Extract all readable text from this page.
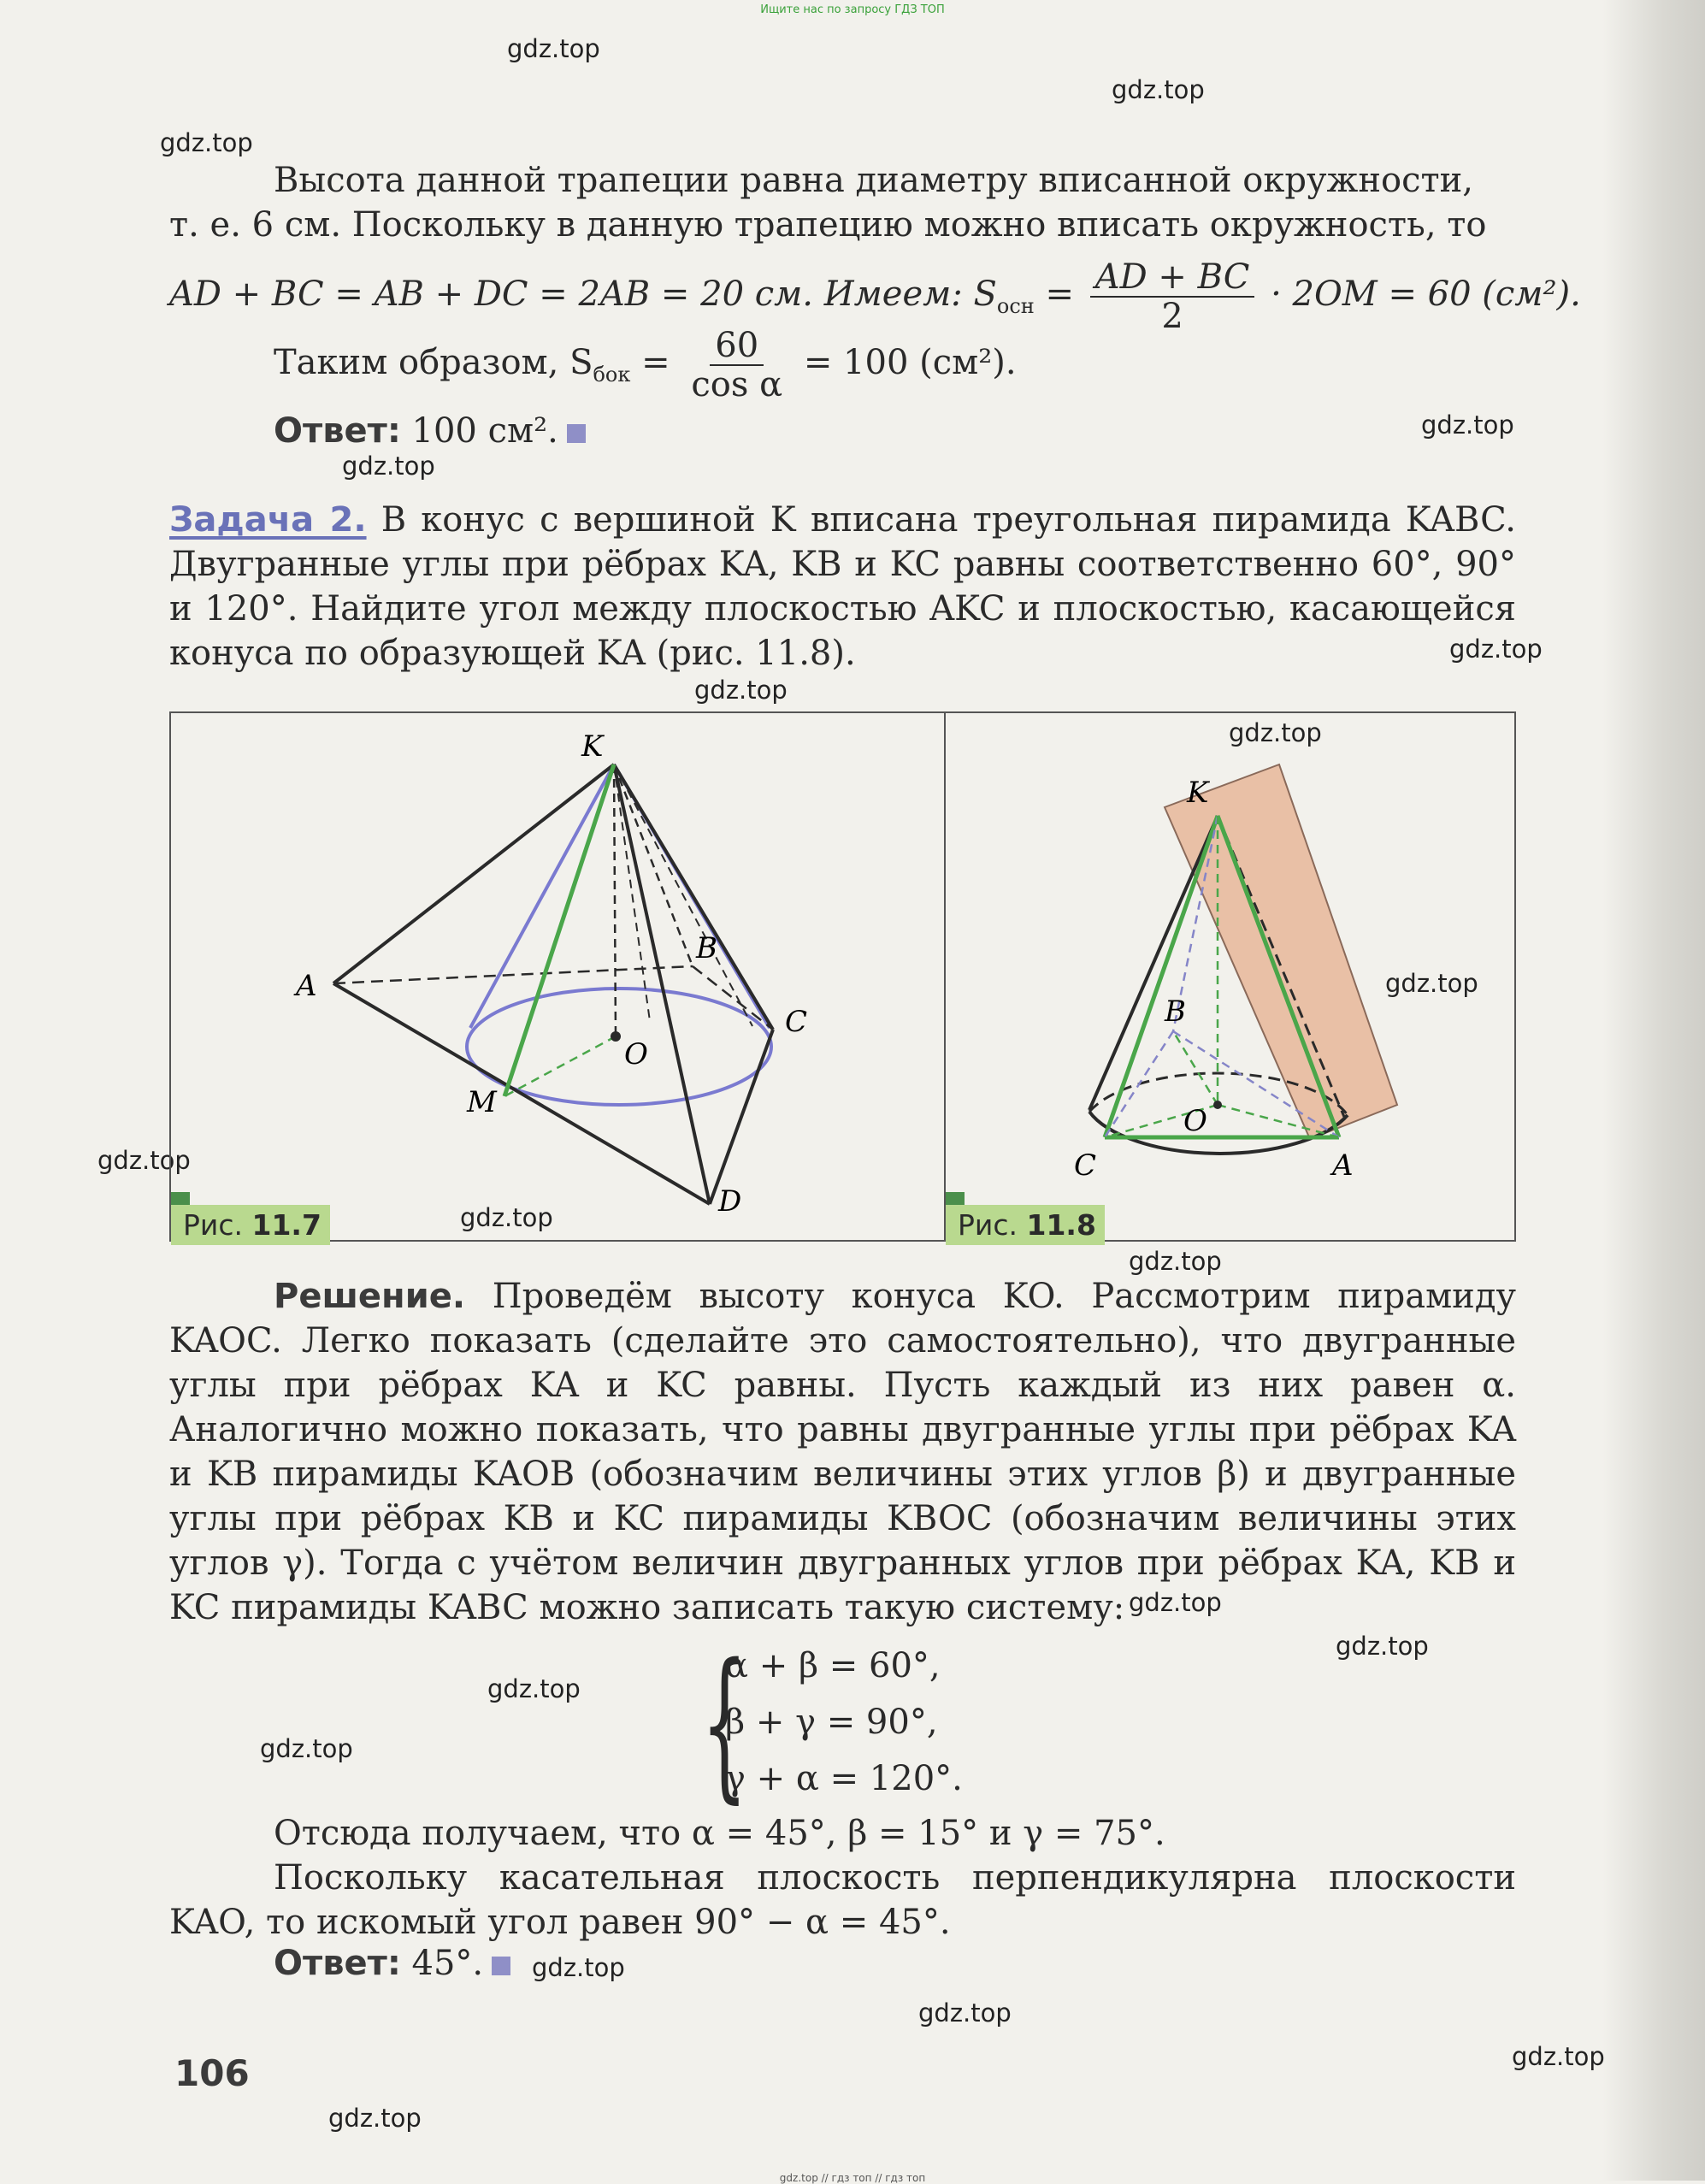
Ищите нас по запросу ГДЗ ТОП
gdz.top
gdz.top
gdz.top
gdz.top
gdz.top
gdz.top
gdz.top
gdz.top
gdz.top
gdz.top
gdz.top
gdz.top
gdz.top
gdz.top
gdz.top
gdz.top
gdz.top
gdz.top
gdz.top
gdz.top
Высота данной трапеции равна диаметру вписанной окружности,
т. е. 6 см. Поскольку в данную трапецию можно вписать окружность, то
AD + BC = AB + DC = 2AB = 20 см. Имеем: $S_{осн} = \frac{AD + BC}{2} \cdot 2OM = 60$ (см²).
Таким образом, $S_{бок} = \frac{60}{\text{cos α}} = 100$ (см²).
Ответ: 100 см².
Задача 2. В конус с вершиной K вписана треугольная пирамида KABC. Двугранные углы при рёбрах KA, KB и KC равны соответственно 60°, 90° и 120°. Найдите угол между плоскостью AKC и плоскостью, касающейся конуса по образующей KA (рис. 11.8).
K
A
B
C
O
M
D
Рис. 11.7
K
B
O
C	A
Рис. 11.8
Решение. Проведём высоту конуса KO. Рассмотрим пирамиду KAOC. Легко показать (сделайте это самостоятельно), что двугранные углы при рёбрах KA и KC равны. Пусть каждый из них равен α. Аналогично можно показать, что равны двугранные углы при рёбрах KA и KB пирамиды KAOB (обозначим величины этих углов β) и двугранные углы при рёбрах KB и KC пирамиды KBOC (обозначим величины этих углов γ). Тогда с учётом величин двугранных углов при рёбрах KA, KB и KC пирамиды KABC можно записать такую систему:
{
α + β = 60°,
β + γ = 90°,
γ + α = 120°.
Отсюда получаем, что α = 45°, β = 15° и γ = 75°.
Поскольку касательная плоскость перпендикулярна плоскости KAO, то искомый угол равен 90° − α = 45°.
Ответ: 45°.
106
gdz.top // гдз топ // гдз топ
